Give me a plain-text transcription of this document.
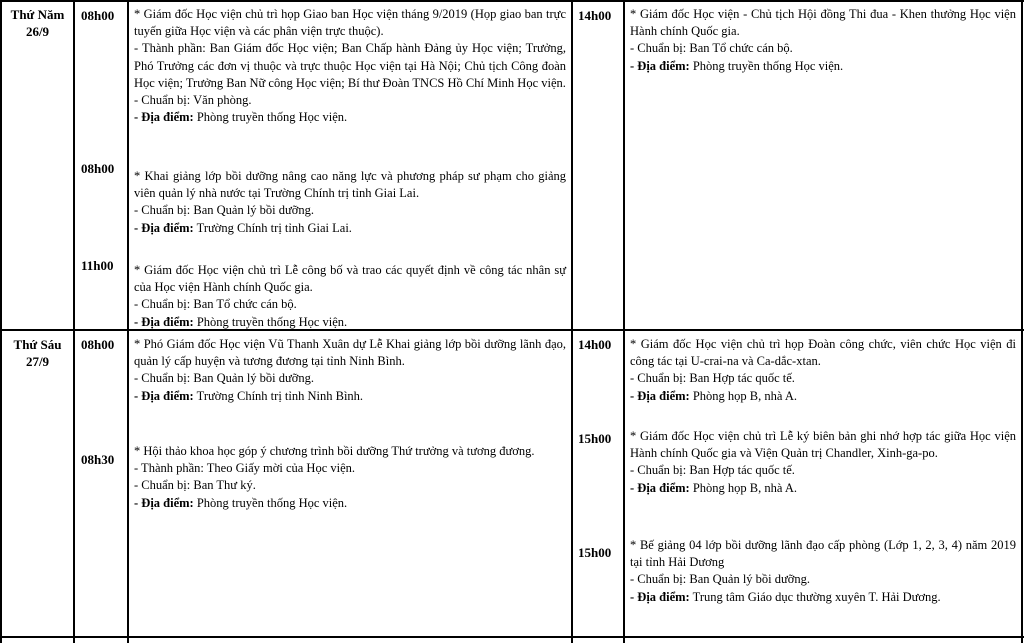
Thứ Năm
26/9
08h00 * Giám đốc Học viện chủ trì họp Giao ban Học viện tháng 9/2019 (Họp giao ban trực tuyến giữa Học viện và các phân viện trực thuộc).

- Thành phần: Ban Giám đốc Học viện; Ban Chấp hành Đảng ủy Học viện; Trưởng, Phó Trưởng các đơn vị thuộc và trực thuộc Học viện tại Hà Nội; Chủ tịch Công đoàn Học viện; Trưởng Ban Nữ công Học viện; Bí thư Đoàn TNCS Hồ Chí Minh Học viện.

- Chuẩn bị: Văn phòng.

- Địa điểm: Phòng truyền thống Học viện.

08h00 * Khai giảng lớp bồi dưỡng nâng cao năng lực và phương pháp sư phạm cho giảng viên quản lý nhà nước tại Trường Chính trị tỉnh Giai Lai.

- Chuẩn bị: Ban Quản lý bồi dưỡng.

- Địa điểm: Trường Chính trị tỉnh Giai Lai.

11h00 * Giám đốc Học viện chủ trì Lễ công bố và trao các quyết định về công tác nhân sự của Học viện Hành chính Quốc gia.

- Chuẩn bị: Ban Tổ chức cán bộ.

- Địa điểm: Phòng truyền thống Học viện.

14h00 * Giám đốc Học viện - Chủ tịch Hội đồng Thi đua - Khen thưởng Học viện Hành chính Quốc gia.

- Chuẩn bị: Ban Tổ chức cán bộ.

- Địa điểm: Phòng truyền thống Học viện.

Thứ Sáu
27/9
08h00 * Phó Giám đốc Học viện Vũ Thanh Xuân dự Lễ Khai giảng lớp bồi dưỡng lãnh đạo, quản lý cấp huyện và tương đương tại tỉnh Ninh Bình.

- Chuẩn bị: Ban Quản lý bồi dưỡng.

- Địa điểm: Trường Chính trị tỉnh Ninh Bình.

08h30

* Hội thảo khoa học góp ý chương trình bồi dưỡng Thứ trưởng và tương đương.

- Thành phần: Theo Giấy mời của Học viện.

- Chuẩn bị: Ban Thư ký.

- Địa điểm: Phòng truyền thống Học viện.

14h00 * Giám đốc Học viện chủ trì họp Đoàn công chức, viên chức Học viện đi công tác tại U-crai-na và Ca-dắc-xtan.

- Chuẩn bị: Ban Hợp tác quốc tế.

- Địa điểm: Phòng họp B, nhà A.

15h00 * Giám đốc Học viện chủ trì Lễ ký biên bản ghi nhớ hợp tác giữa Học viện Hành chính Quốc gia và Viện Quản trị Chandler, Xinh-ga-po.

- Chuẩn bị: Ban Hợp tác quốc tế.

- Địa điểm: Phòng họp B, nhà A.

15h00 * Bế giảng 04 lớp bồi dưỡng lãnh đạo cấp phòng (Lớp 1, 2, 3, 4) năm 2019 tại tỉnh Hải Dương

- Chuẩn bị: Ban Quản lý bồi dưỡng.

- Địa điểm: Trung tâm Giáo dục thường xuyên T. Hải Dương.
